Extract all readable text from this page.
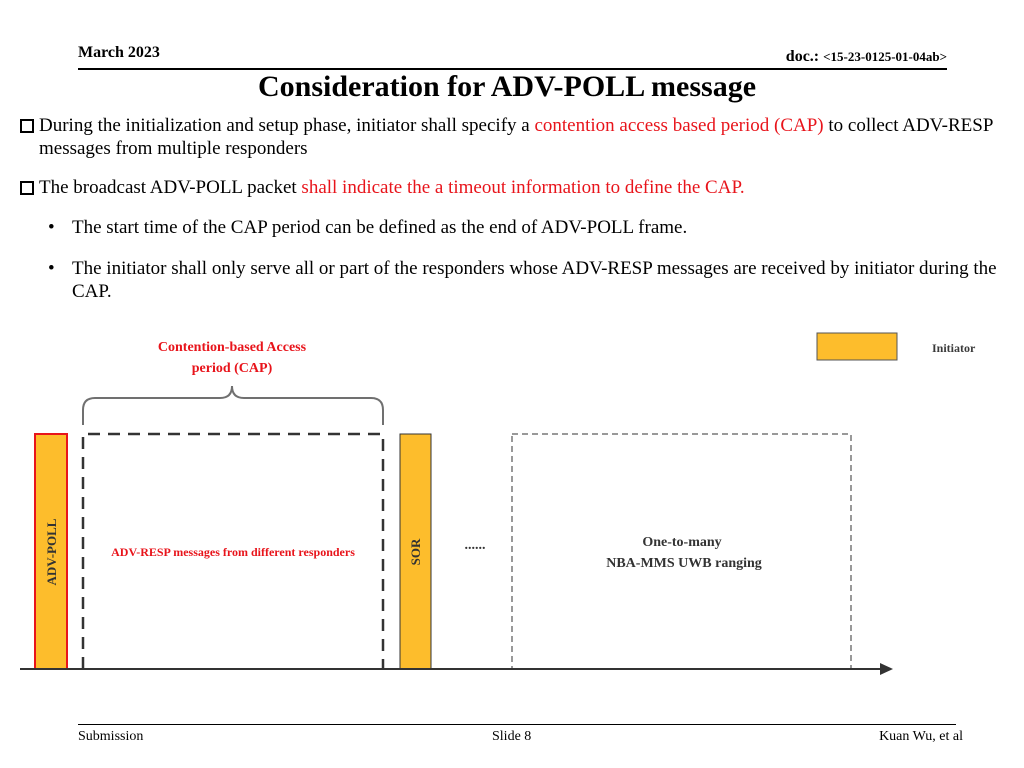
March 2023	doc.: <15-23-0125-01-04ab>
Consideration for ADV-POLL message
During the initialization and setup phase, initiator shall specify a contention access based period (CAP) to collect ADV-RESP messages from multiple responders
The broadcast ADV-POLL packet shall indicate the a timeout information to define the CAP.
• The start time of the CAP period can be defined as the end of ADV-POLL frame.
• The initiator shall only serve all or part of the responders whose ADV-RESP messages are received by initiator during the CAP.
Contention-based Access
period (CAP)
Initiator
ADV-POLL	ADV-RESP messages from different responders	SOR	......	One-to-many
NBA-MMS UWB ranging
Submission	Slide 8	Kuan Wu, et al
